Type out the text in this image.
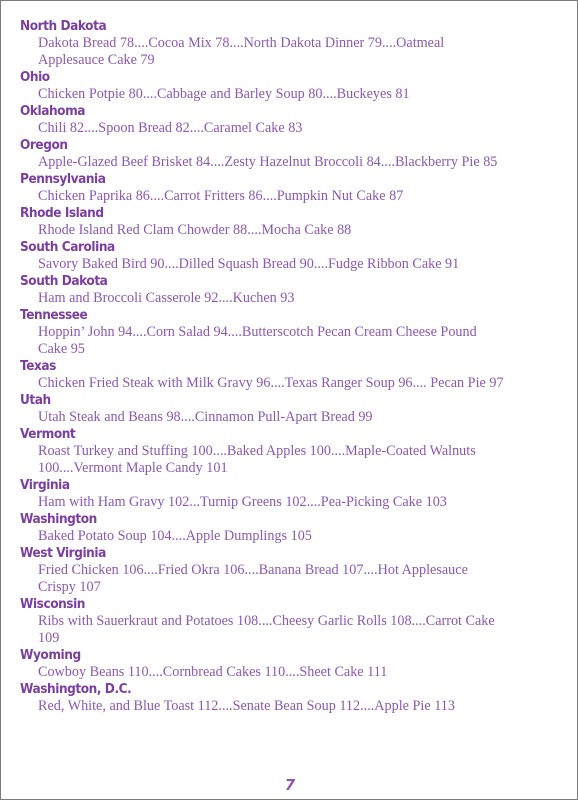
North Dakota
Dakota Bread 78....Cocoa Mix 78....North Dakota Dinner 79....Oatmeal Applesauce Cake 79
Ohio
Chicken Potpie 80....Cabbage and Barley Soup 80....Buckeyes 81
Oklahoma
Chili 82....Spoon Bread 82....Caramel Cake 83
Oregon
Apple-Glazed Beef Brisket 84....Zesty Hazelnut Broccoli 84....Blackberry Pie 85
Pennsylvania
Chicken Paprika 86....Carrot Fritters 86....Pumpkin Nut Cake 87
Rhode Island
Rhode Island Red Clam Chowder 88....Mocha Cake 88
South Carolina
Savory Baked Bird 90....Dilled Squash Bread 90....Fudge Ribbon Cake 91
South Dakota
Ham and Broccoli Casserole 92....Kuchen 93
Tennessee
Hoppin’ John 94....Corn Salad 94....Butterscotch Pecan Cream Cheese Pound Cake 95
Texas
Chicken Fried Steak with Milk Gravy 96....Texas Ranger Soup 96.... Pecan Pie 97
Utah
Utah Steak and Beans 98....Cinnamon Pull-Apart Bread 99
Vermont
Roast Turkey and Stuffing 100....Baked Apples 100....Maple-Coated Walnuts 100....Vermont Maple Candy 101
Virginia
Ham with Ham Gravy 102...Turnip Greens 102....Pea-Picking Cake 103
Washington
Baked Potato Soup 104....Apple Dumplings 105
West Virginia
Fried Chicken 106....Fried Okra 106....Banana Bread 107....Hot Applesauce Crispy 107
Wisconsin
Ribs with Sauerkraut and Potatoes 108....Cheesy Garlic Rolls 108....Carrot Cake 109
Wyoming
Cowboy Beans 110....Cornbread Cakes 110....Sheet Cake 111
Washington, D.C.
Red, White, and Blue Toast 112....Senate Bean Soup 112....Apple Pie 113
7
